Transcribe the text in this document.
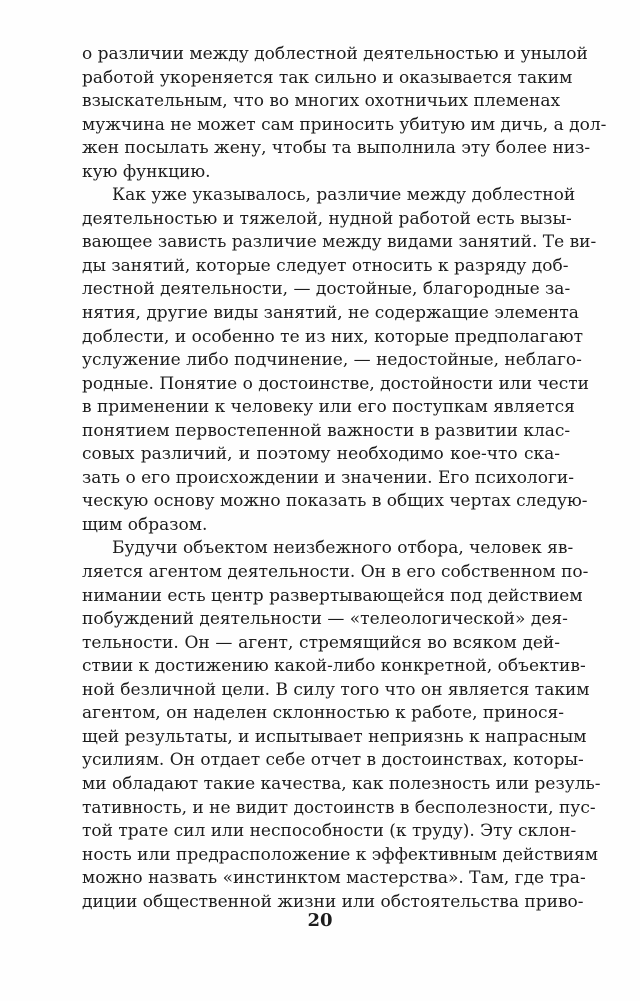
о различии между доблестной деятельностью и унылой
работой укореняется так сильно и оказывается таким
взыскательным, что во многих охотничьих племенах
мужчина не может сам приносить убитую им дичь, а дол-
жен посылать жену, чтобы та выполнила эту более низ-
кую функцию.
Как уже указывалось, различие между доблестной
деятельностью и тяжелой, нудной работой есть вызы-
вающее зависть различие между видами занятий. Те ви-
ды занятий, которые следует относить к разряду доб-
лестной деятельности, — достойные, благородные за-
нятия, другие виды занятий, не содержащие элемента
доблести, и особенно те из них, которые предполагают
услужение либо подчинение, — недостойные, неблаго-
родные. Понятие о достоинстве, достойности или чести
в применении к человеку или его поступкам является
понятием первостепенной важности в развитии клас-
совых различий, и поэтому необходимо кое-что ска-
зать о его происхождении и значении. Его психологи-
ческую основу можно показать в общих чертах следую-
щим образом.
Будучи объектом неизбежного отбора, человек яв-
ляется агентом деятельности. Он в его собственном по-
нимании есть центр развертывающейся под действием
побуждений деятельности — «телеологической» дея-
тельности. Он — агент, стремящийся во всяком дей-
ствии к достижению какой-либо конкретной, объектив-
ной безличной цели. В силу того что он является таким
агентом, он наделен склонностью к работе, принося-
щей результаты, и испытывает неприязнь к напрасным
усилиям. Он отдает себе отчет в достоинствах, которы-
ми обладают такие качества, как полезность или резуль-
тативность, и не видит достоинств в бесполезности, пус-
той трате сил или неспособности (к труду). Эту склон-
ность или предрасположение к эффективным действиям
можно назвать «инстинктом мастерства». Там, где тра-
диции общественной жизни или обстоятельства приво-
20
